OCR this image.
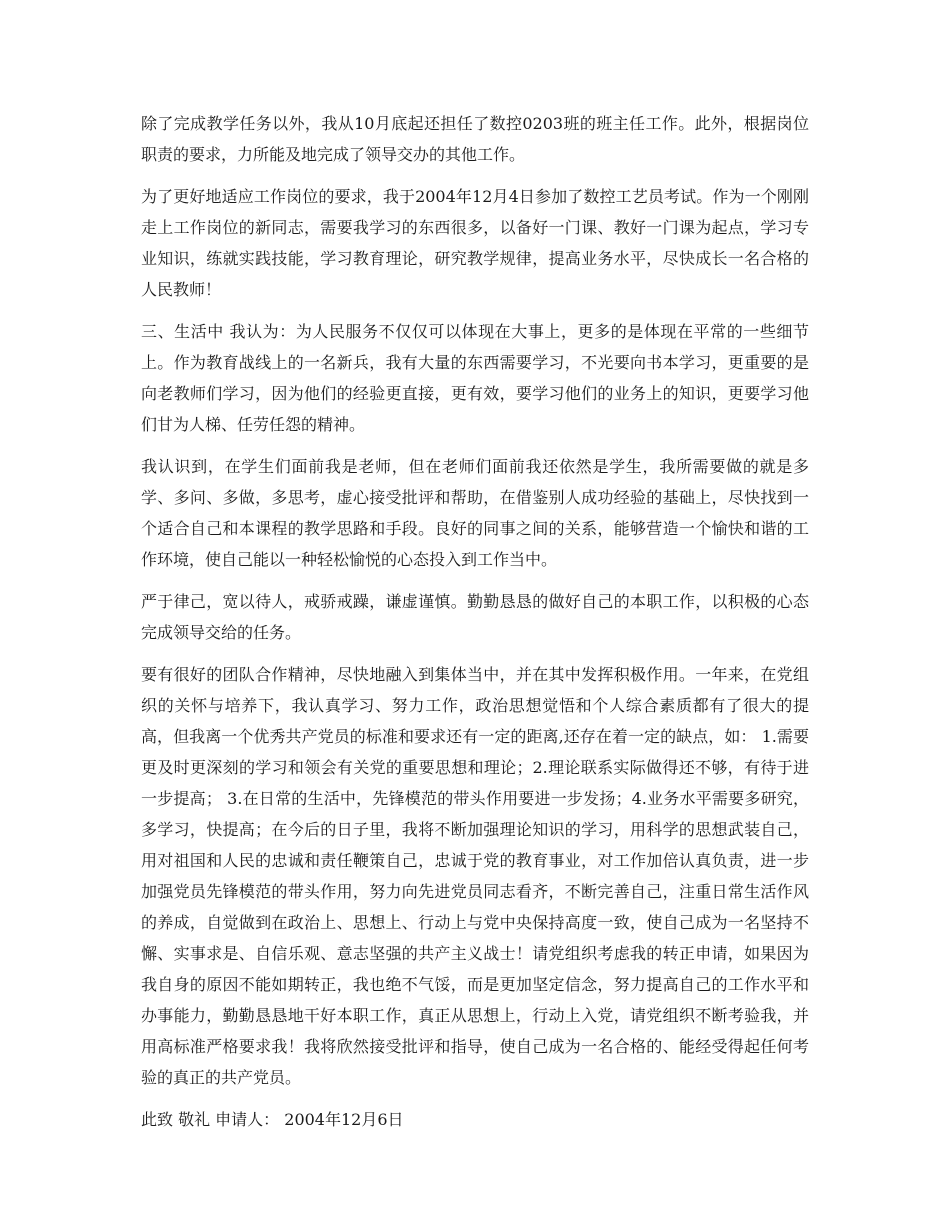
除了完成教学任务以外，我从10月底起还担任了数控0203班的班主任工作。此外，根据岗位职责的要求，力所能及地完成了领导交办的其他工作。

为了更好地适应工作岗位的要求，我于2004年12月4日参加了数控工艺员考试。作为一个刚刚走上工作岗位的新同志，需要我学习的东西很多，以备好一门课、教好一门课为起点，学习专业知识，练就实践技能，学习教育理论，研究教学规律，提高业务水平，尽快成长一名合格的人民教师！

三、生活中 我认为：为人民服务不仅仅可以体现在大事上，更多的是体现在平常的一些细节上。作为教育战线上的一名新兵，我有大量的东西需要学习，不光要向书本学习，更重要的是向老教师们学习，因为他们的经验更直接，更有效，要学习他们的业务上的知识，更要学习他们甘为人梯、任劳任怨的精神。

我认识到，在学生们面前我是老师，但在老师们面前我还依然是学生，我所需要做的就是多学、多问、多做，多思考，虚心接受批评和帮助，在借鉴别人成功经验的基础上，尽快找到一个适合自己和本课程的教学思路和手段。良好的同事之间的关系，能够营造一个愉快和谐的工作环境，使自己能以一种轻松愉悦的心态投入到工作当中。

严于律己，宽以待人，戒骄戒躁，谦虚谨慎。勤勤恳恳的做好自己的本职工作，以积极的心态完成领导交给的任务。

要有很好的团队合作精神，尽快地融入到集体当中，并在其中发挥积极作用。一年来，在党组织的关怀与培养下，我认真学习、努力工作，政治思想觉悟和个人综合素质都有了很大的提高，但我离一个优秀共产党员的标准和要求还有一定的距离,还存在着一定的缺点，如： 1.需要更及时更深刻的学习和领会有关党的重要思想和理论；2.理论联系实际做得还不够，有待于进一步提高； 3.在日常的生活中，先锋模范的带头作用要进一步发扬；4.业务水平需要多研究，多学习，快提高；在今后的日子里，我将不断加强理论知识的学习，用科学的思想武装自己，用对祖国和人民的忠诚和责任鞭策自己，忠诚于党的教育事业，对工作加倍认真负责，进一步加强党员先锋模范的带头作用，努力向先进党员同志看齐，不断完善自己，注重日常生活作风的养成，自觉做到在政治上、思想上、行动上与党中央保持高度一致，使自己成为一名坚持不懈、实事求是、自信乐观、意志坚强的共产主义战士！请党组织考虑我的转正申请，如果因为我自身的原因不能如期转正，我也绝不气馁，而是更加坚定信念，努力提高自己的工作水平和办事能力，勤勤恳恳地干好本职工作，真正从思想上，行动上入党，请党组织不断考验我，并用高标准严格要求我！我将欣然接受批评和指导，使自己成为一名合格的、能经受得起任何考验的真正的共产党员。

此致 敬礼 申请人： 2004年12月6日
